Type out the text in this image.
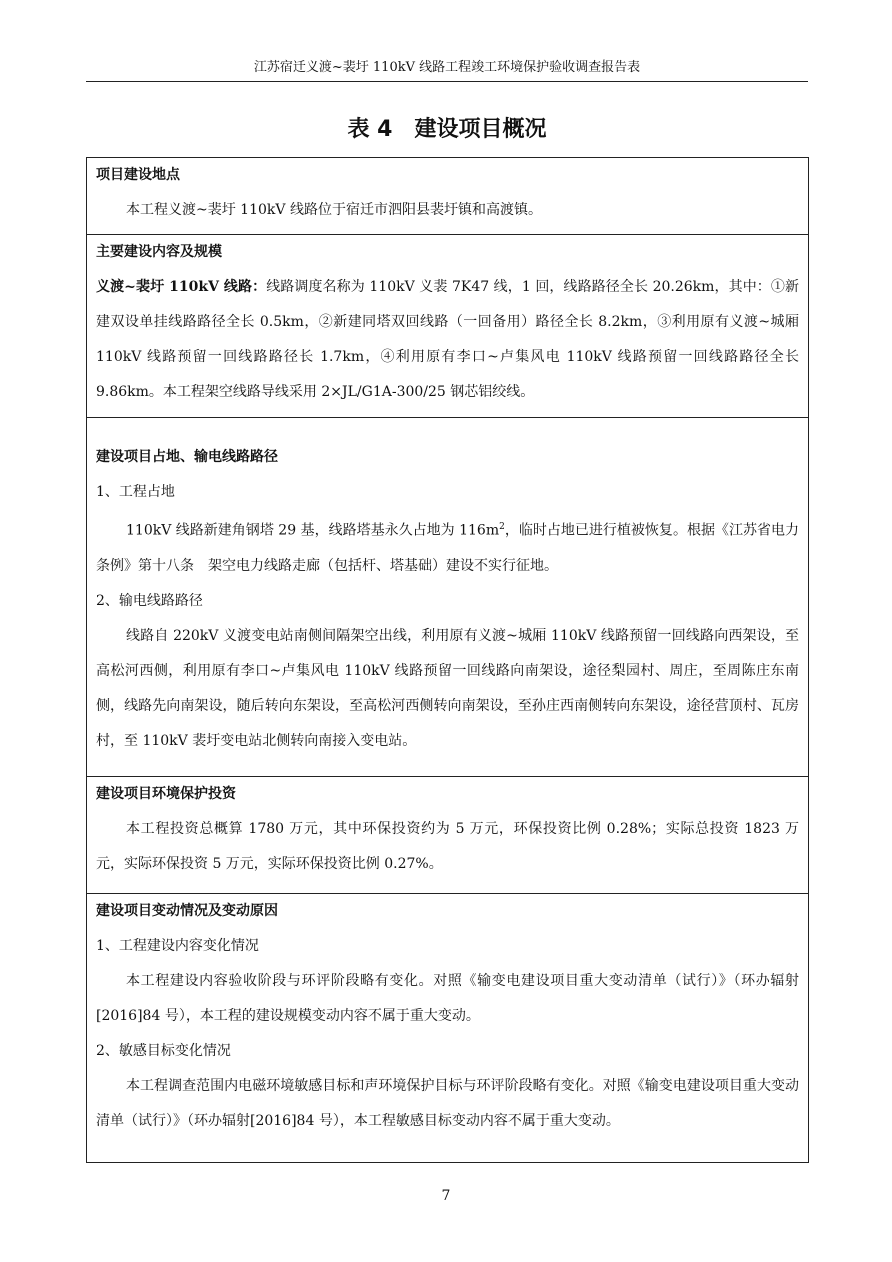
江苏宿迁义渡~裴圩 110kV 线路工程竣工环境保护验收调查报告表
表 4　建设项目概况
项目建设地点

本工程义渡~裴圩 110kV 线路位于宿迁市泗阳县裴圩镇和高渡镇。

主要建设内容及规模

义渡~裴圩 110kV 线路：线路调度名称为 110kV 义裴 7K47 线，1 回，线路路径全长 20.26km，其中：①新建双设单挂线路路径全长 0.5km，②新建同塔双回线路（一回备用）路径全长 8.2km，③利用原有义渡~城厢 110kV 线路预留一回线路路径长 1.7km，④利用原有李口~卢集风电 110kV 线路预留一回线路路径全长 9.86km。本工程架空线路导线采用 2×JL/G1A-300/25 钢芯铝绞线。

建设项目占地、输电线路路径
1、工程占地

110kV 线路新建角钢塔 29 基，线路塔基永久占地为 $116m^2$，临时占地已进行植被恢复。根据《江苏省电力条例》第十八条　架空电力线路走廊（包括杆、塔基础）建设不实行征地。

2、输电线路路径

线路自 220kV 义渡变电站南侧间隔架空出线，利用原有义渡~城厢 110kV 线路预留一回线路向西架设，至高松河西侧，利用原有李口~卢集风电 110kV 线路预留一回线路向南架设，途径梨园村、周庄，至周陈庄东南侧，线路先向南架设，随后转向东架设，至高松河西侧转向南架设，至孙庄西南侧转向东架设，途径营顶村、瓦房村，至 110kV 裴圩变电站北侧转向南接入变电站。

建设项目环境保护投资

本工程投资总概算 1780 万元，其中环保投资约为 5 万元，环保投资比例 0.28%；实际总投资 1823 万元，实际环保投资 5 万元，实际环保投资比例 0.27%。

建设项目变动情况及变动原因
1、工程建设内容变化情况

本工程建设内容验收阶段与环评阶段略有变化。对照《输变电建设项目重大变动清单（试行）》（环办辐射[2016]84 号），本工程的建设规模变动内容不属于重大变动。

2、敏感目标变化情况

本工程调查范围内电磁环境敏感目标和声环境保护目标与环评阶段略有变化。对照《输变电建设项目重大变动清单（试行）》（环办辐射[2016]84 号），本工程敏感目标变动内容不属于重大变动。

7
